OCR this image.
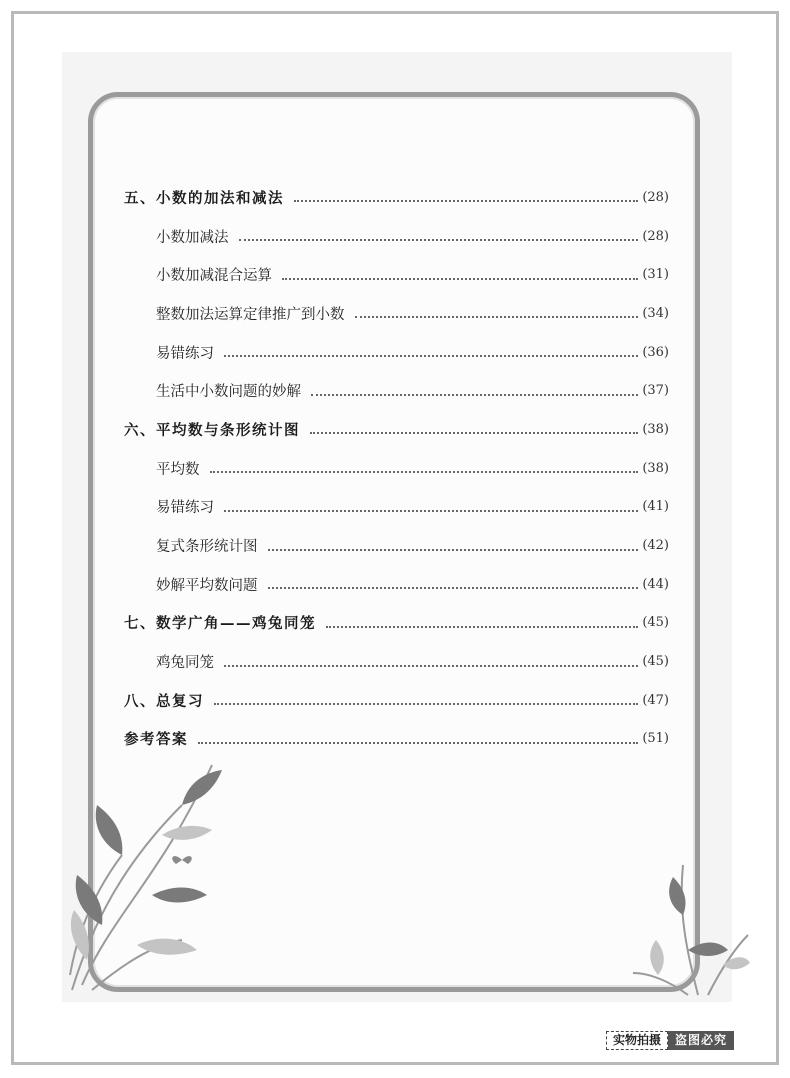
五、小数的加法和减法	(28)
小数加减法	(28)
小数加减混合运算	(31)
整数加法运算定律推广到小数	(34)
易错练习	(36)
生活中小数问题的妙解	(37)
六、平均数与条形统计图	(38)
平均数	(38)
易错练习	(41)
复式条形统计图	(42)
妙解平均数问题	(44)
七、数学广角——鸡兔同笼	(45)
鸡兔同笼	(45)
八、总复习	(47)
参考答案	(51)
实物拍摄	盗图必究
